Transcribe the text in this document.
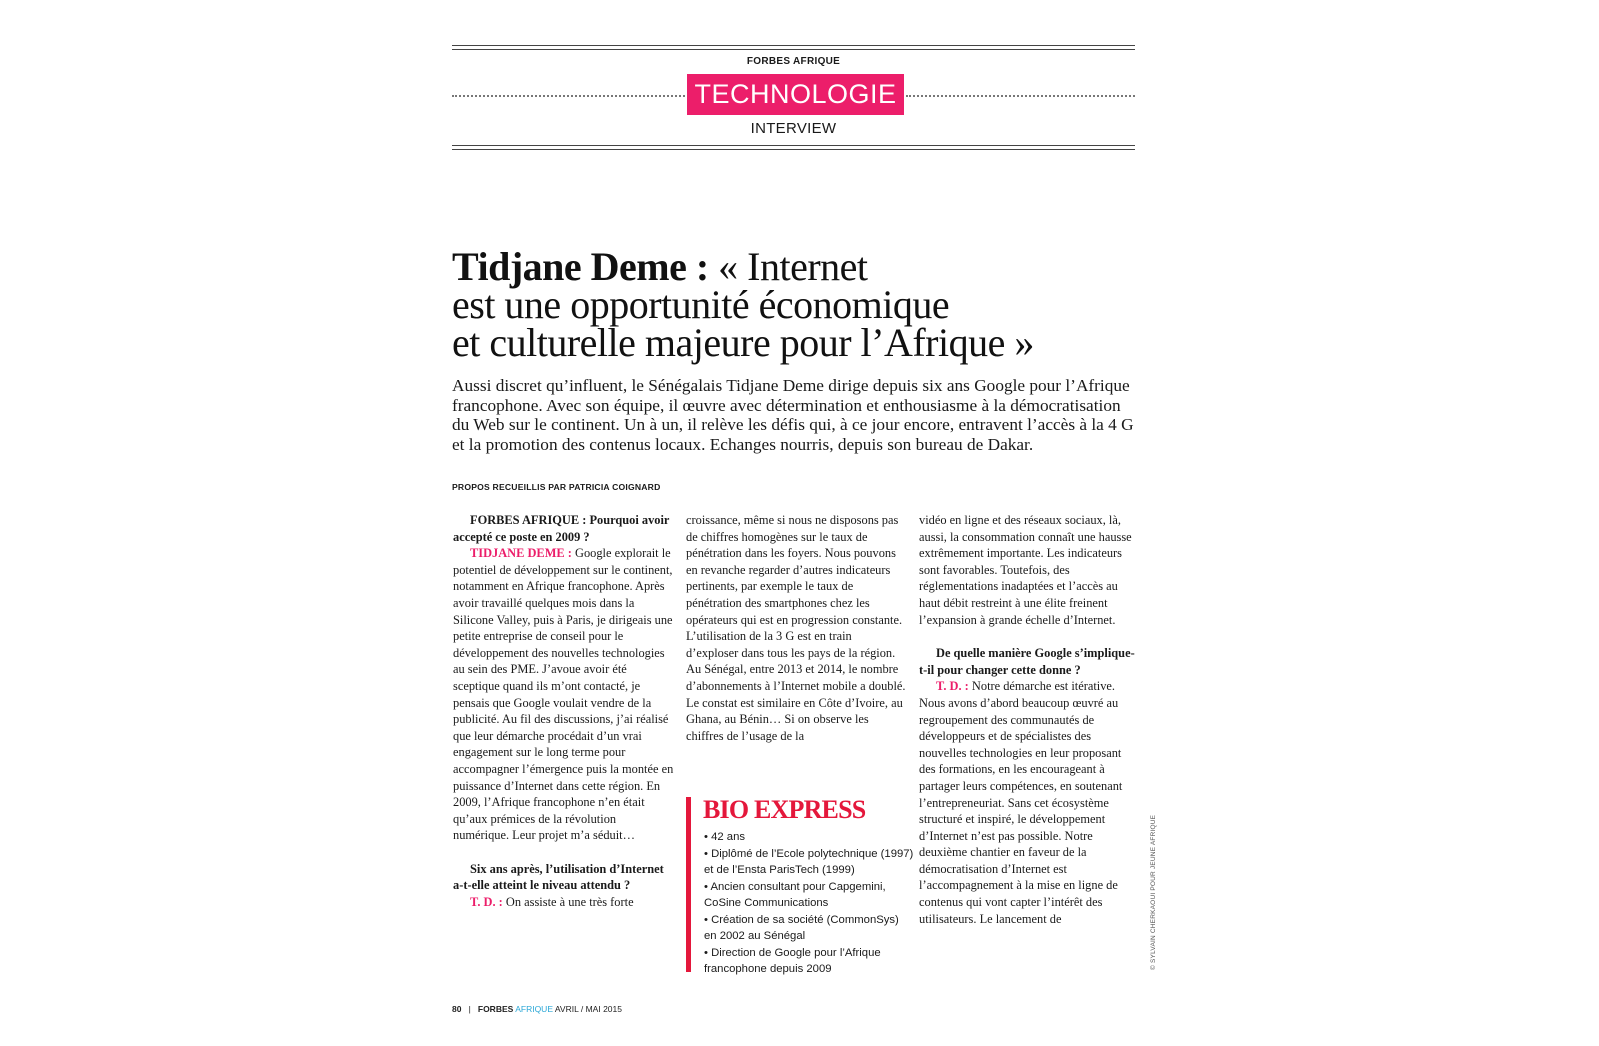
FORBES AFRIQUE
TECHNOLOGIE
INTERVIEW
Tidjane Deme : « Internet
est une opportunité économique
et culturelle majeure pour l’Afrique »
Aussi discret qu’influent, le Sénégalais Tidjane Deme dirige depuis six ans Google pour l’Afrique francophone. Avec son équipe, il œuvre avec détermination et enthousiasme à la démocratisation du Web sur le continent. Un à un, il relève les défis qui, à ce jour encore, entravent l’accès à la 4 G et la promotion des contenus locaux. Echanges nourris, depuis son bureau de Dakar.
PROPOS RECUEILLIS PAR PATRICIA COIGNARD

FORBES AFRIQUE : Pourquoi avoir accepté ce poste en 2009 ?

TIDJANE DEME : Google explorait le potentiel de développement sur le continent, notamment en Afrique francophone. Après avoir travaillé quelques mois dans la Silicone Valley, puis à Paris, je dirigeais une petite entreprise de conseil pour le développement des nouvelles technologies au sein des PME. J’avoue avoir été sceptique quand ils m’ont contacté, je pensais que Google voulait vendre de la publicité. Au fil des discussions, j’ai réalisé que leur démarche procédait d’un vrai engagement sur le long terme pour accompagner l’émergence puis la montée en puissance d’Internet dans cette région. En 2009, l’Afrique francophone n’en était qu’aux prémices de la révolution numérique. Leur projet m’a séduit…

Six ans après, l’utilisation d’Internet a-t-elle atteint le niveau attendu ?

T. D. : On assiste à une très forte

croissance, même si nous ne disposons pas de chiffres homogènes sur le taux de pénétration dans les foyers. Nous pouvons en revanche regarder d’autres indicateurs pertinents, par exemple le taux de pénétration des smartphones chez les opérateurs qui est en progression constante. L’utilisation de la 3 G est en train d’exploser dans tous les pays de la région. Au Sénégal, entre 2013 et 2014, le nombre d’abonnements à l’Internet mobile a doublé. Le constat est similaire en Côte d’Ivoire, au Ghana, au Bénin… Si on observe les chiffres de l’usage de la

BIO EXPRESS
• 42 ans
• Diplômé de l’Ecole polytechnique (1997) et de l’Ensta ParisTech (1999)
• Ancien consultant pour Capgemini, CoSine Communications
• Création de sa société (CommonSys) en 2002 au Sénégal
• Direction de Google pour l’Afrique francophone depuis 2009

vidéo en ligne et des réseaux sociaux, là, aussi, la consommation connaît une hausse extrêmement importante. Les indicateurs sont favorables. Toutefois, des réglementations inadaptées et l’accès au haut débit restreint à une élite freinent l’expansion à grande échelle d’Internet.

De quelle manière Google s’implique-t-il pour changer cette donne ?

T. D. : Notre démarche est itérative. Nous avons d’abord beaucoup œuvré au regroupement des communautés de développeurs et de spécialistes des nouvelles technologies en leur proposant des formations, en les encourageant à partager leurs compétences, en soutenant l’entrepreneuriat. Sans cet écosystème structuré et inspiré, le développement d’Internet n’est pas possible. Notre deuxième chantier en faveur de la démocratisation d’Internet est l’accompagnement à la mise en ligne de contenus qui vont capter l’intérêt des utilisateurs. Le lancement de	© SYLVAIN CHERKAOUI POUR JEUNE AFRIQUE
80 | FORBES AFRIQUE AVRIL / MAI 2015
